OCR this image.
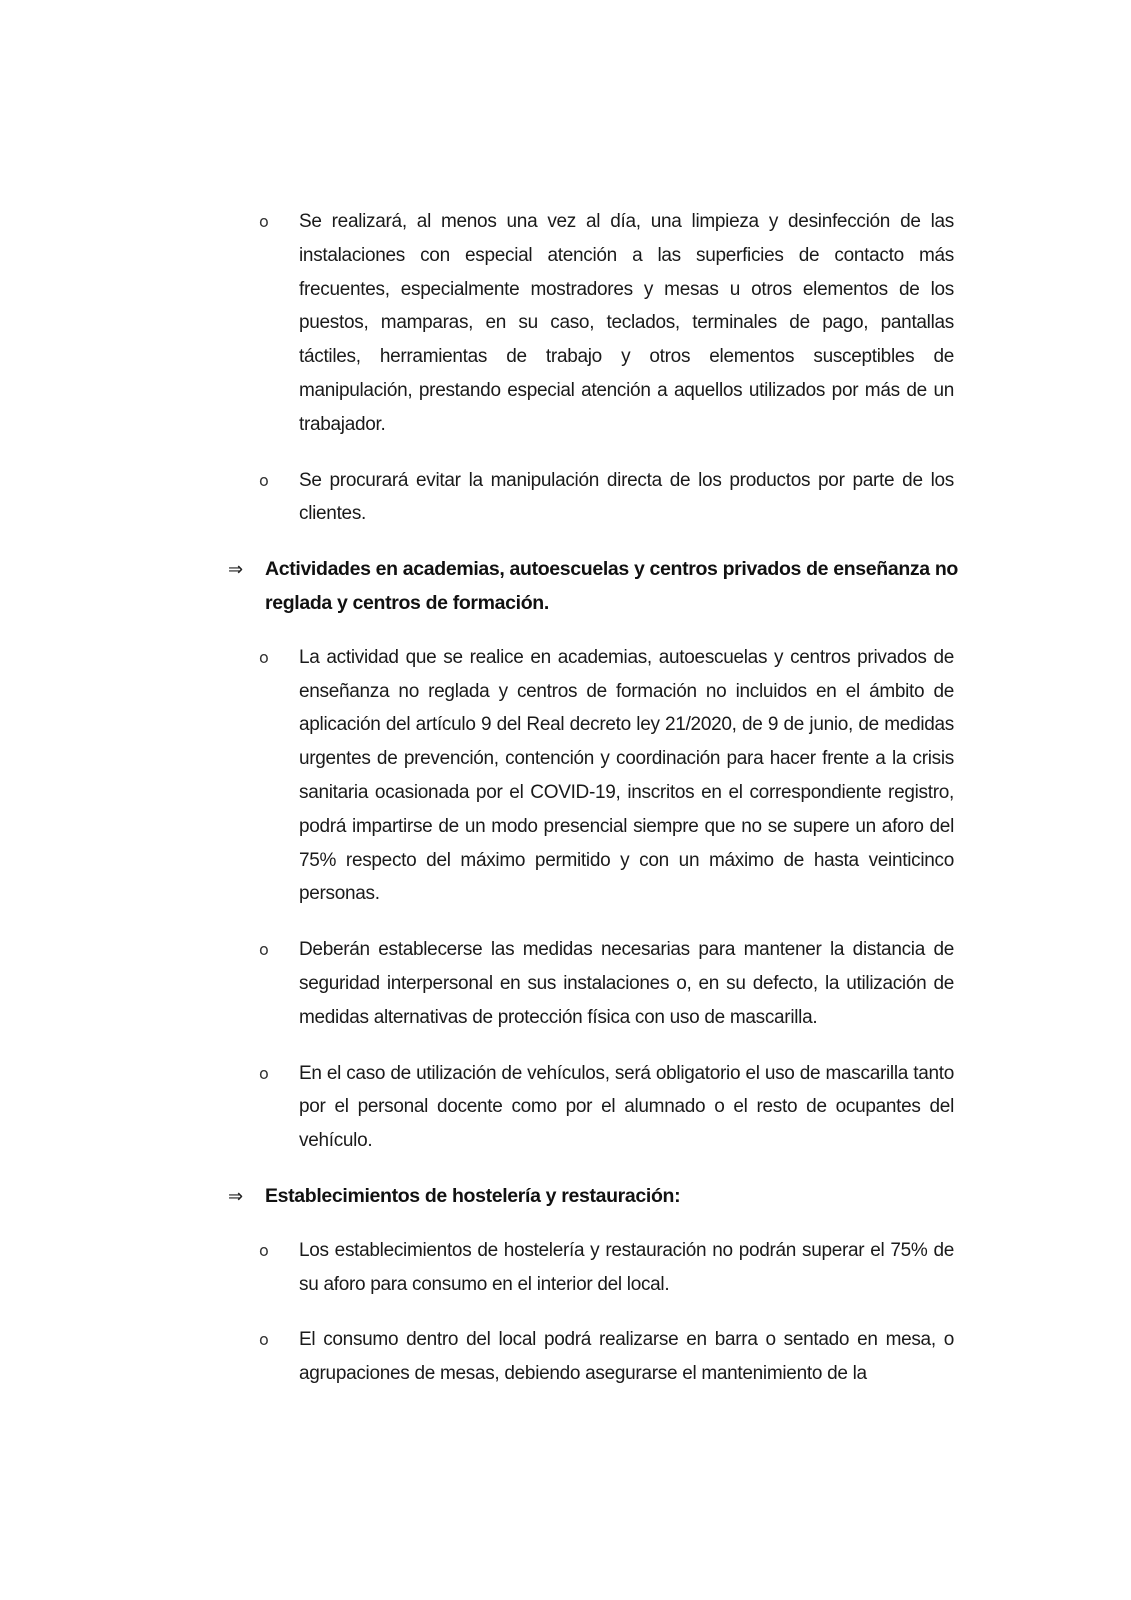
o Se realizará, al menos una vez al día, una limpieza y desinfección de las instalaciones con especial atención a las superficies de contacto más frecuentes, especialmente mostradores y mesas u otros elementos de los puestos, mamparas, en su caso, teclados, terminales de pago, pantallas táctiles, herramientas de trabajo y otros elementos susceptibles de manipulación, prestando especial atención a aquellos utilizados por más de un trabajador.
o Se procurará evitar la manipulación directa de los productos por parte de los clientes.
⇒ Actividades en academias, autoescuelas y centros privados de enseñanza no reglada y centros de formación.
o La actividad que se realice en academias, autoescuelas y centros privados de enseñanza no reglada y centros de formación no incluidos en el ámbito de aplicación del artículo 9 del Real decreto ley 21/2020, de 9 de junio, de medidas urgentes de prevención, contención y coordinación para hacer frente a la crisis sanitaria ocasionada por el COVID-19, inscritos en el correspondiente registro, podrá impartirse de un modo presencial siempre que no se supere un aforo del 75% respecto del máximo permitido y con un máximo de hasta veinticinco personas.
o Deberán establecerse las medidas necesarias para mantener la distancia de seguridad interpersonal en sus instalaciones o, en su defecto, la utilización de medidas alternativas de protección física con uso de mascarilla.
o En el caso de utilización de vehículos, será obligatorio el uso de mascarilla tanto por el personal docente como por el alumnado o el resto de ocupantes del vehículo.
⇒ Establecimientos de hostelería y restauración:
o Los establecimientos de hostelería y restauración no podrán superar el 75% de su aforo para consumo en el interior del local.
o El consumo dentro del local podrá realizarse en barra o sentado en mesa, o agrupaciones de mesas, debiendo asegurarse el mantenimiento de la
